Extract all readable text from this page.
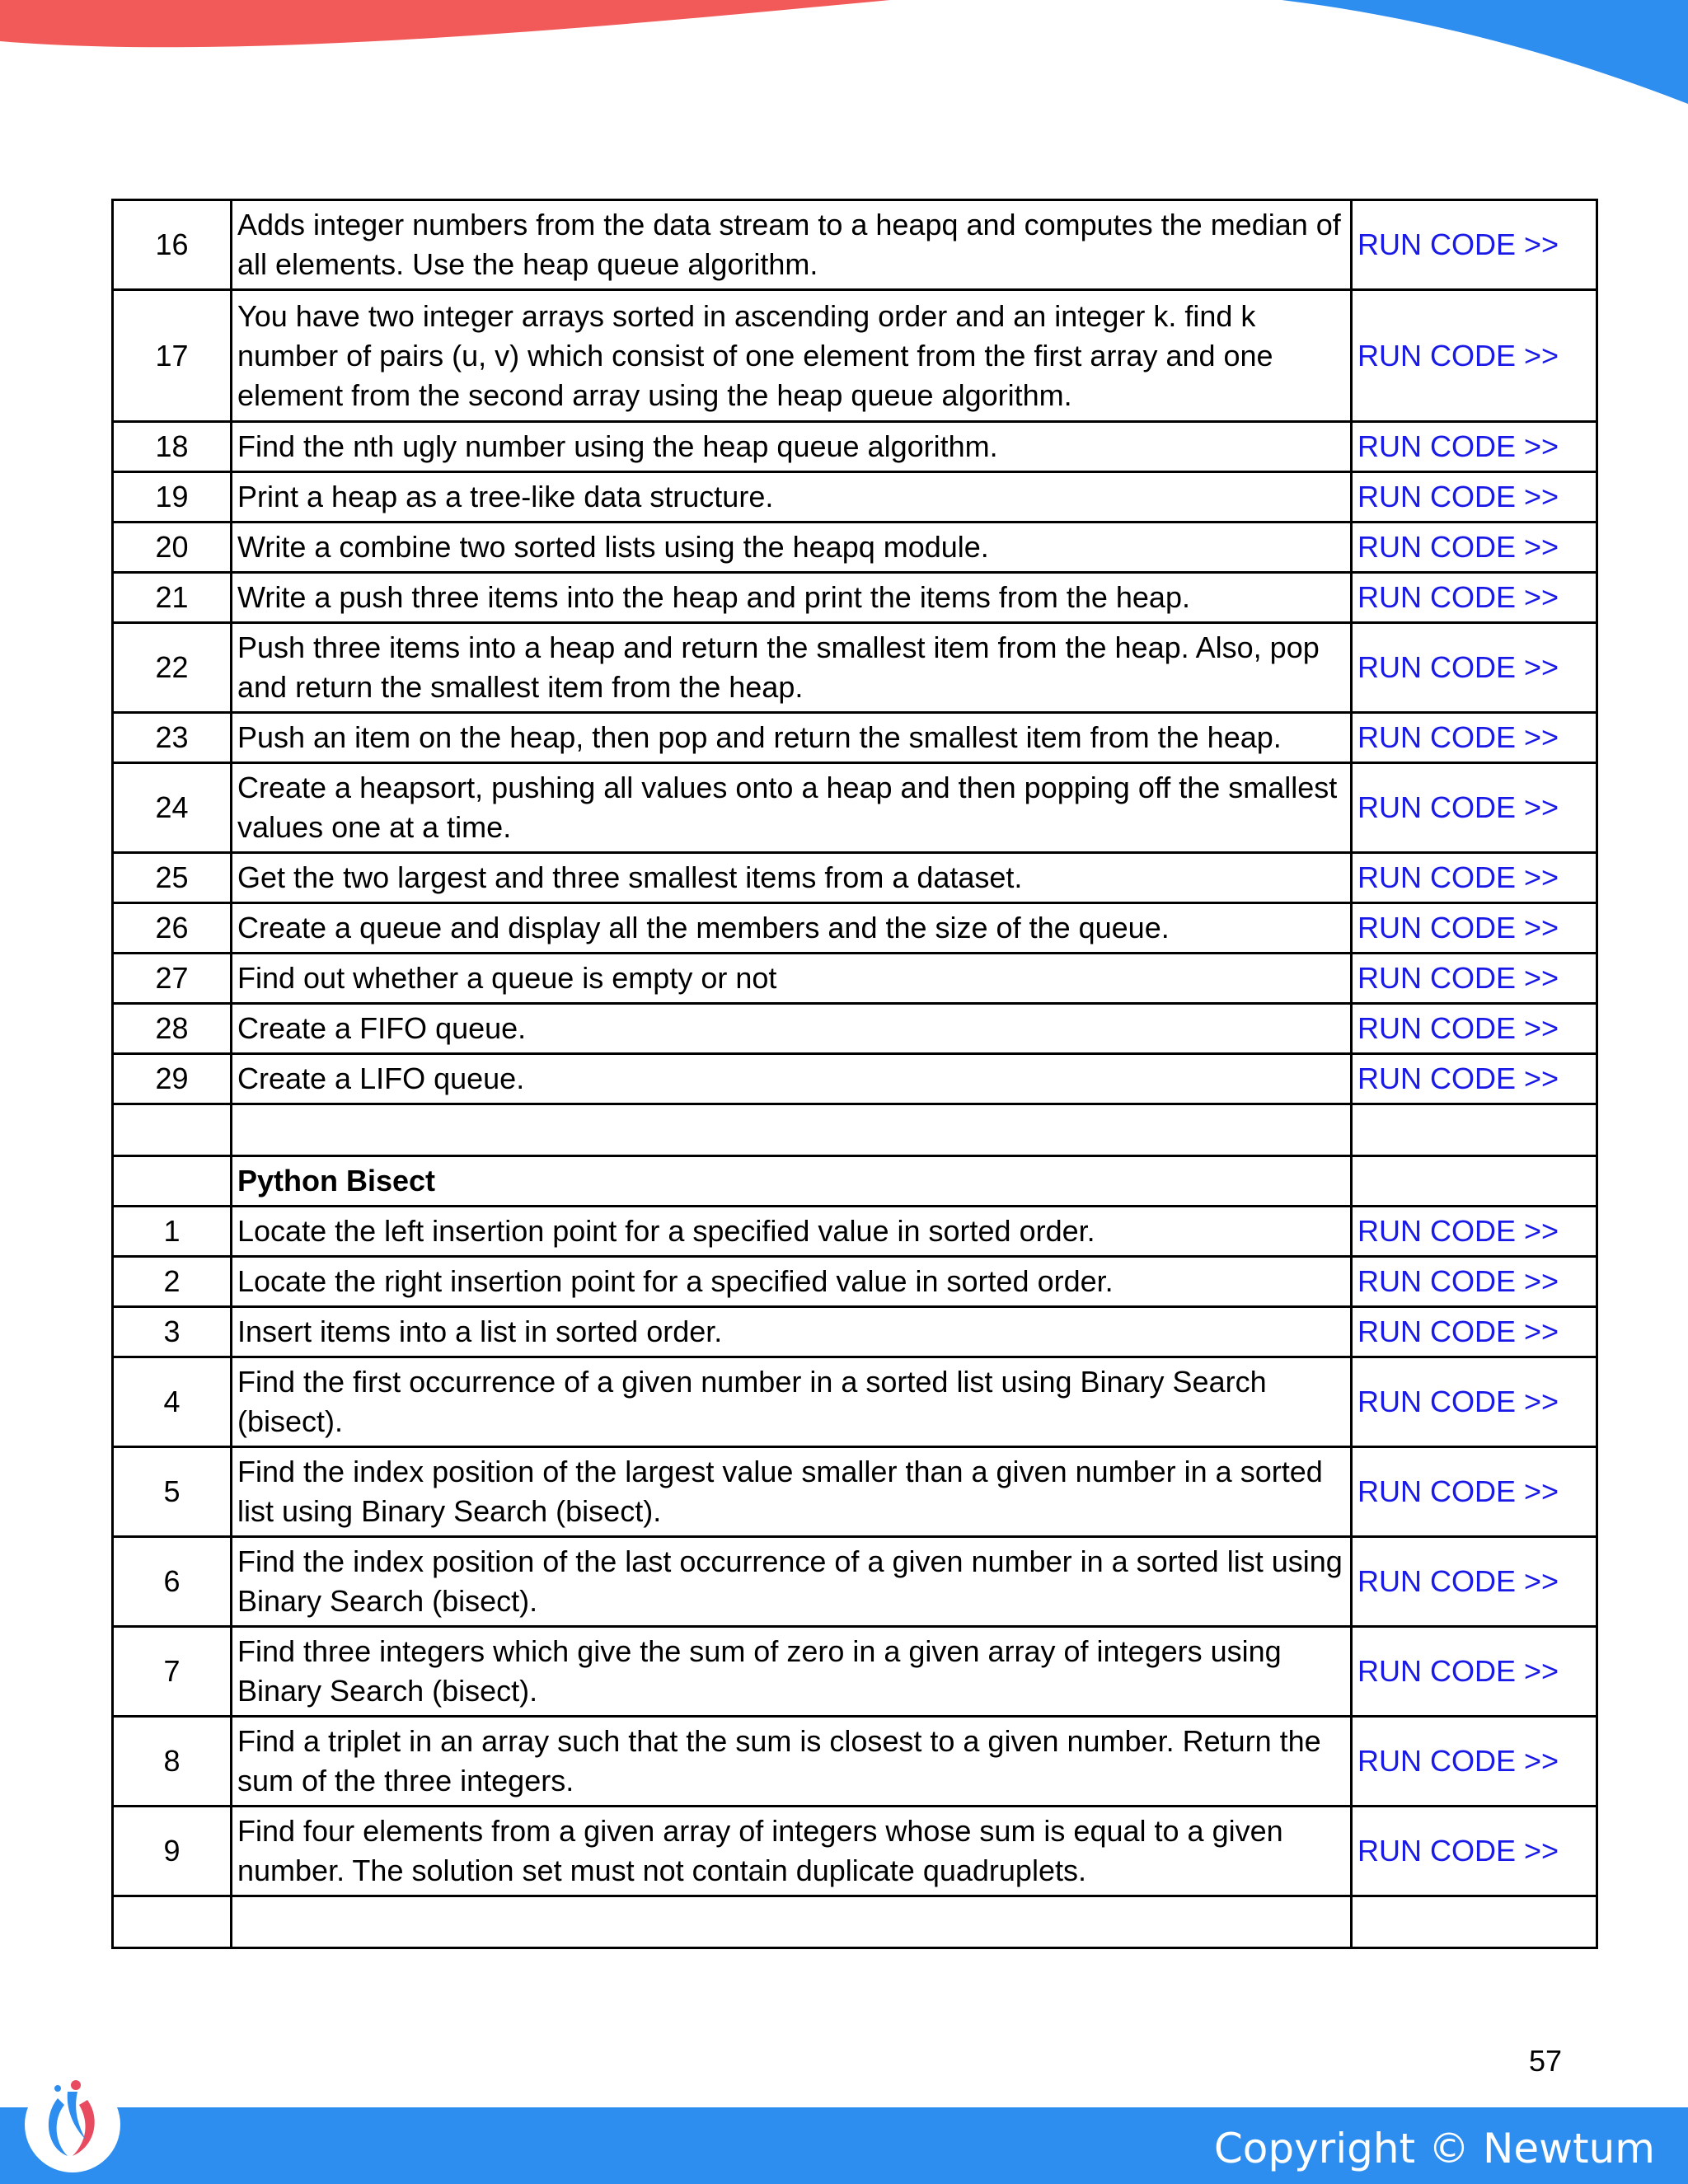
16	Adds integer numbers from the data stream to a heapq and computes the median of all elements. Use the heap queue algorithm.	RUN CODE >>
17	You have two integer arrays sorted in ascending order and an integer k. find k number of pairs (u, v) which consist of one element from the first array and one element from the second array using the heap queue algorithm.	RUN CODE >>
18	Find the nth ugly number using the heap queue algorithm.	RUN CODE >>
19	Print a heap as a tree-like data structure.	RUN CODE >>
20	Write a combine two sorted lists using the heapq module.	RUN CODE >>
21	Write a push three items into the heap and print the items from the heap.	RUN CODE >>
22	Push three items into a heap and return the smallest item from the heap. Also, pop and return the smallest item from the heap.	RUN CODE >>
23	Push an item on the heap, then pop and return the smallest item from the heap.	RUN CODE >>
24	Create a heapsort, pushing all values onto a heap and then popping off the smallest values one at a time.	RUN CODE >>
25	Get the two largest and three smallest items from a dataset.	RUN CODE >>
26	Create a queue and display all the members and the size of the queue.	RUN CODE >>
27	Find out whether a queue is empty or not	RUN CODE >>
28	Create a FIFO queue.	RUN CODE >>
29	Create a LIFO queue.	RUN CODE >>

	Python Bisect	
1	Locate the left insertion point for a specified value in sorted order.	RUN CODE >>
2	Locate the right insertion point for a specified value in sorted order.	RUN CODE >>
3	Insert items into a list in sorted order.	RUN CODE >>
4	Find the first occurrence of a given number in a sorted list using Binary Search (bisect).	RUN CODE >>
5	Find the index position of the largest value smaller than a given number in a sorted list using Binary Search (bisect).	RUN CODE >>
6	Find the index position of the last occurrence of a given number in a sorted list using Binary Search (bisect).	RUN CODE >>
7	Find three integers which give the sum of zero in a given array of integers using Binary Search (bisect).	RUN CODE >>
8	Find a triplet in an array such that the sum is closest to a given number. Return the sum of the three integers.	RUN CODE >>
9	Find four elements from a given array of integers whose sum is equal to a given number. The solution set must not contain duplicate quadruplets.	RUN CODE >>

57
Copyright © Newtum
